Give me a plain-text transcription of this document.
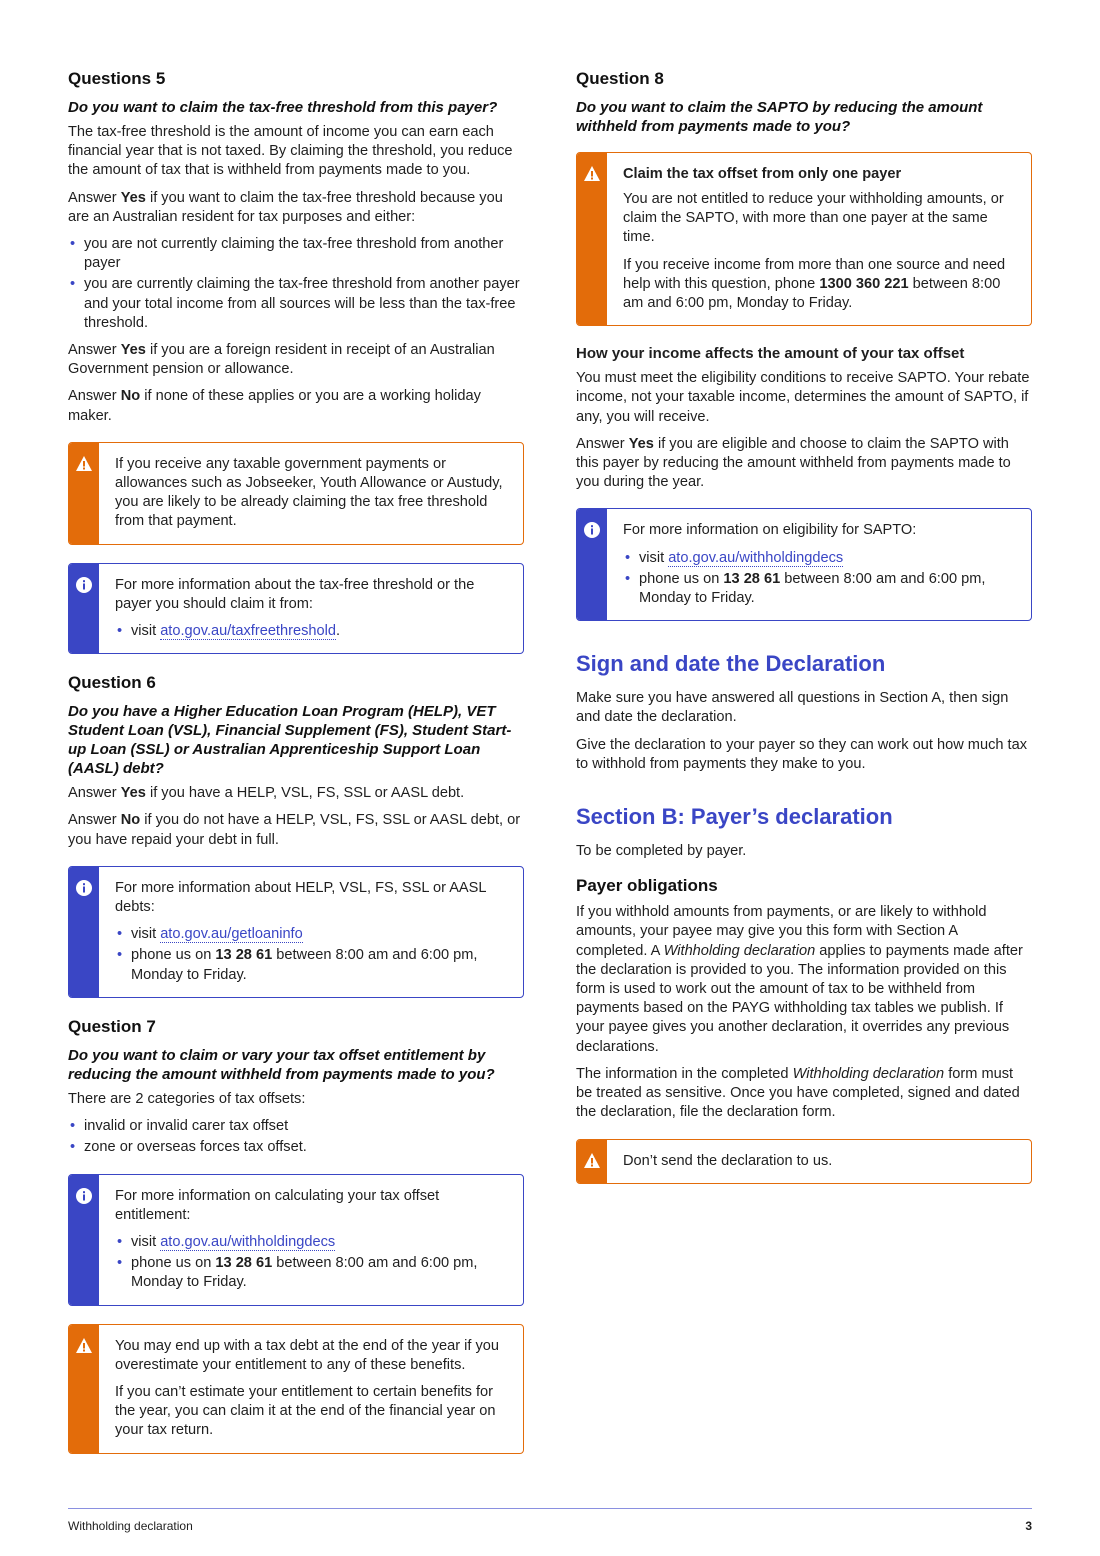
Questions 5
Do you want to claim the tax-free threshold from this payer?

The tax-free threshold is the amount of income you can earn each financial year that is not taxed. By claiming the threshold, you reduce the amount of tax that is withheld from payments made to you.

Answer Yes if you want to claim the tax-free threshold because you are an Australian resident for tax purposes and either:

• you are not currently claiming the tax-free threshold from another payer
• you are currently claiming the tax-free threshold from another payer and your total income from all sources will be less than the tax-free threshold.

Answer Yes if you are a foreign resident in receipt of an Australian Government pension or allowance.

Answer No if none of these applies or you are a working holiday maker.

If you receive any taxable government payments or allowances such as Jobseeker, Youth Allowance or Austudy, you are likely to be already claiming the tax free threshold from that payment.

For more information about the tax-free threshold or the payer you should claim it from:

• visit ato.gov.au/taxfreethreshold.
Question 6
Do you have a Higher Education Loan Program (HELP), VET Student Loan (VSL), Financial Supplement (FS), Student Start-up Loan (SSL) or Australian Apprenticeship Support Loan (AASL) debt?

Answer Yes if you have a HELP, VSL, FS, SSL or AASL debt.

Answer No if you do not have a HELP, VSL, FS, SSL or AASL debt, or you have repaid your debt in full.

For more information about HELP, VSL, FS, SSL or AASL debts:

• visit ato.gov.au/getloaninfo
• phone us on 13 28 61 between 8:00 am and 6:00 pm, Monday to Friday.
Question 7
Do you want to claim or vary your tax offset entitlement by reducing the amount withheld from payments made to you?

There are 2 categories of tax offsets:

• invalid or invalid carer tax offset
• zone or overseas forces tax offset.

For more information on calculating your tax offset entitlement:

• visit ato.gov.au/withholdingdecs
• phone us on 13 28 61 between 8:00 am and 6:00 pm, Monday to Friday.

You may end up with a tax debt at the end of the year if you overestimate your entitlement to any of these benefits.

If you can’t estimate your entitlement to certain benefits for the year, you can claim it at the end of the financial year on your tax return.

Question 8
Do you want to claim the SAPTO by reducing the amount withheld from payments made to you?
Claim the tax offset from only one payer

You are not entitled to reduce your withholding amounts, or claim the SAPTO, with more than one payer at the same time.

If you receive income from more than one source and need help with this question, phone 1300 360 221 between 8:00 am and 6:00 pm, Monday to Friday.

How your income affects the amount of your tax offset

You must meet the eligibility conditions to receive SAPTO. Your rebate income, not your taxable income, determines the amount of SAPTO, if any, you will receive.

Answer Yes if you are eligible and choose to claim the SAPTO with this payer by reducing the amount withheld from payments made to you during the year.

For more information on eligibility for SAPTO:

• visit ato.gov.au/withholdingdecs
• phone us on 13 28 61 between 8:00 am and 6:00 pm, Monday to Friday.
Sign and date the Declaration

Make sure you have answered all questions in Section A, then sign and date the declaration.

Give the declaration to your payer so they can work out how much tax to withhold from payments they make to you.

Section B: Payer’s declaration

To be completed by payer.

Payer obligations

If you withhold amounts from payments, or are likely to withhold amounts, your payee may give you this form with Section A completed. A Withholding declaration applies to payments made after the declaration is provided to you. The information provided on this form is used to work out the amount of tax to be withheld from payments based on the PAYG withholding tax tables we publish. If your payee gives you another declaration, it overrides any previous declarations.

The information in the completed Withholding declaration form must be treated as sensitive. Once you have completed, signed and dated the declaration, file the declaration form.

Don’t send the declaration to us.

Withholding declaration	3
